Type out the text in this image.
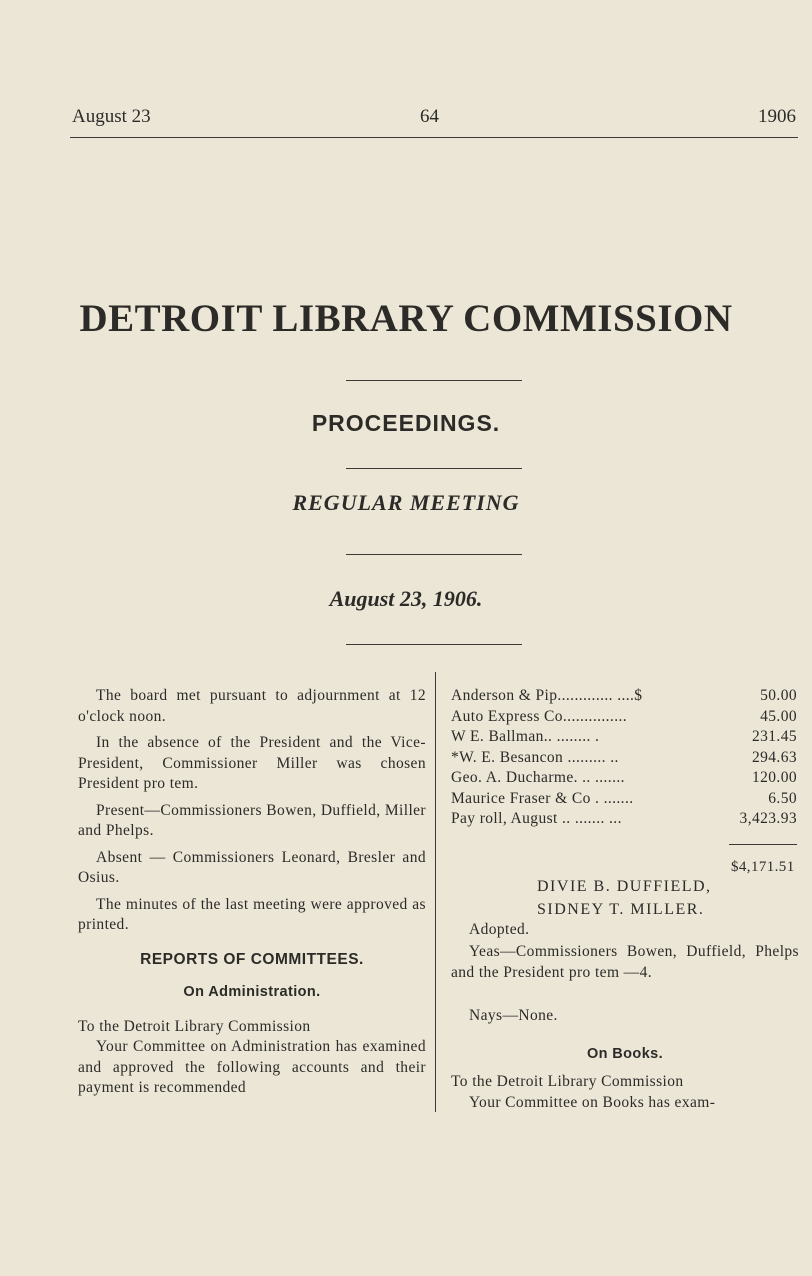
August 23	64	1906
DETROIT LIBRARY COMMISSION
PROCEEDINGS.
REGULAR MEETING
August 23, 1906.

The board met pursuant to adjournment at 12 o'clock noon.

In the absence of the President and the Vice-President, Commissioner Miller was chosen President pro tem.

Present—Commissioners Bowen, Duffield, Miller and Phelps.

Absent — Commissioners Leonard, Bresler and Osius.

The minutes of the last meeting were approved as printed.

REPORTS OF COMMITTEES.
On Administration.

To the Detroit Library Commission

Your Committee on Administration has examined and approved the following accounts and their payment is recommended

Anderson & Pip............. ....$	50.00
Auto Express Co...............	45.00
W E. Ballman.. ........ .	231.45
*W. E. Besancon ......... ..	294.63
Geo. A. Ducharme. .. .......	120.00
Maurice Fraser & Co . .......	6.50
Pay roll, August .. ....... ...	3,423.93
$4,171.51
DIVIE B. DUFFIELD,
SIDNEY T. MILLER.

Adopted.

Yeas—Commissioners Bowen, Duffield, Phelps and the President pro tem —4.

Nays—None.

On Books.

To the Detroit Library Commission

Your Committee on Books has exam-
